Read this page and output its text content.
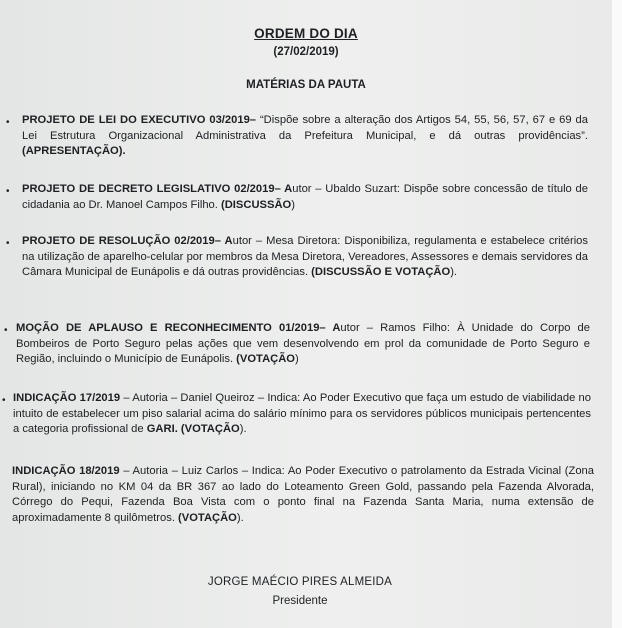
ORDEM DO DIA
(27/02/2019)
MATÉRIAS DA PAUTA
• PROJETO DE LEI DO EXECUTIVO 03/2019– “Dispõe sobre a alteração dos Artigos 54, 55, 56, 57, 67 e 69 da Lei Estrutura Organizacional Administrativa da Prefeitura Municipal, e dá outras providências”. (APRESENTAÇÃO).
• PROJETO DE DECRETO LEGISLATIVO 02/2019– Autor – Ubaldo Suzart: Dispõe sobre concessão de título de cidadania ao Dr. Manoel Campos Filho. (DISCUSSÃO)
• PROJETO DE RESOLUÇÃO 02/2019– Autor – Mesa Diretora: Disponibiliza, regulamenta e estabelece critérios na utilização de aparelho-celular por membros da Mesa Diretora, Vereadores, Assessores e demais servidores da Câmara Municipal de Eunápolis e dá outras providências. (DISCUSSÃO E VOTAÇÃO).
• MOÇÃO DE APLAUSO E RECONHECIMENTO 01/2019– Autor – Ramos Filho: À Unidade do Corpo de Bombeiros de Porto Seguro pelas ações que vem desenvolvendo em prol da comunidade de Porto Seguro e Região, incluindo o Município de Eunápolis. (VOTAÇÃO)
• INDICAÇÃO 17/2019 – Autoria – Daniel Queiroz – Indica: Ao Poder Executivo que faça um estudo de viabilidade no intuito de estabelecer um piso salarial acima do salário mínimo para os servidores públicos municipais pertencentes a categoria profissional de GARI. (VOTAÇÃO).
INDICAÇÃO 18/2019 – Autoria – Luiz Carlos – Indica: Ao Poder Executivo o patrolamento da Estrada Vicinal (Zona Rural), iniciando no KM 04 da BR 367 ao lado do Loteamento Green Gold, passando pela Fazenda Alvorada, Córrego do Pequi, Fazenda Boa Vista com o ponto final na Fazenda Santa Maria, numa extensão de aproximadamente 8 quilômetros. (VOTAÇÃO).
JORGE MAÉCIO PIRES ALMEIDA
Presidente
